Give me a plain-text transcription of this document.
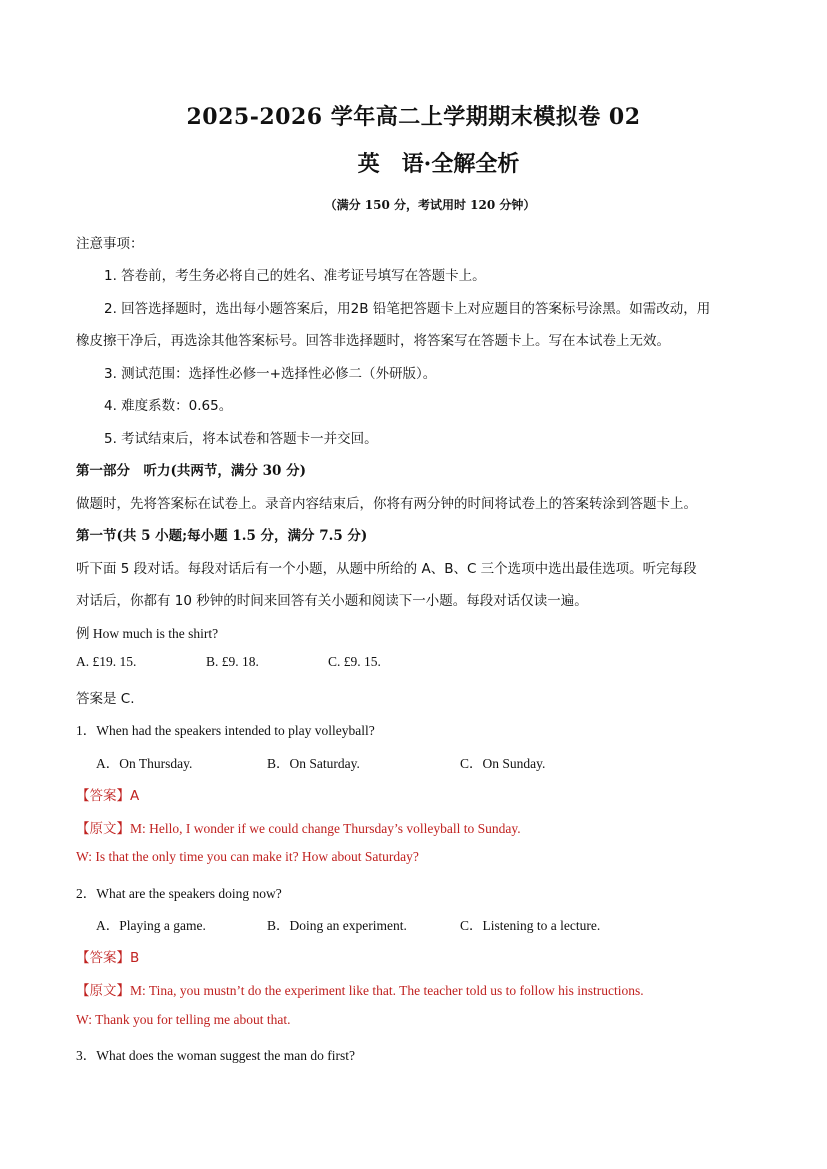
2025-2026 学年高二上学期期末模拟卷 02
英 语·全解全析
（满分 150 分，考试用时 120 分钟）
注意事项：
1. 答卷前，考生务必将自己的姓名、准考证号填写在答题卡上。
2. 回答选择题时，选出每小题答案后，用2B 铅笔把答题卡上对应题目的答案标号涂黑。如需改动，用
橡皮擦干净后，再选涂其他答案标号。回答非选择题时，将答案写在答题卡上。写在本试卷上无效。
3. 测试范围：选择性必修一+选择性必修二（外研版）。
4. 难度系数：0.65。
5. 考试结束后，将本试卷和答题卡一并交回。
第一部分　听力(共两节，满分 30 分)
做题时，先将答案标在试卷上。录音内容结束后，你将有两分钟的时间将试卷上的答案转涂到答题卡上。
第一节(共 5 小题;每小题 1.5 分，满分 7.5 分)
听下面 5 段对话。每段对话后有一个小题，从题中所给的 A、B、C 三个选项中选出最佳选项。听完每段
对话后，你都有 10 秒钟的时间来回答有关小题和阅读下一小题。每段对话仅读一遍。
例 How much is the shirt?
A. £19. 15.	B. £9. 18.	C. £9. 15.
答案是 C.
1．When had the speakers intended to play volleyball?
A．On Thursday.	B．On Saturday.	C．On Sunday.
【答案】A
【原文】M: Hello, I wonder if we could change Thursday’s volleyball to Sunday.
W: Is that the only time you can make it? How about Saturday?
2．What are the speakers doing now?
A．Playing a game.	B．Doing an experiment.	C．Listening to a lecture.
【答案】B
【原文】M: Tina, you mustn’t do the experiment like that. The teacher told us to follow his instructions.
W: Thank you for telling me about that.
3．What does the woman suggest the man do first?
